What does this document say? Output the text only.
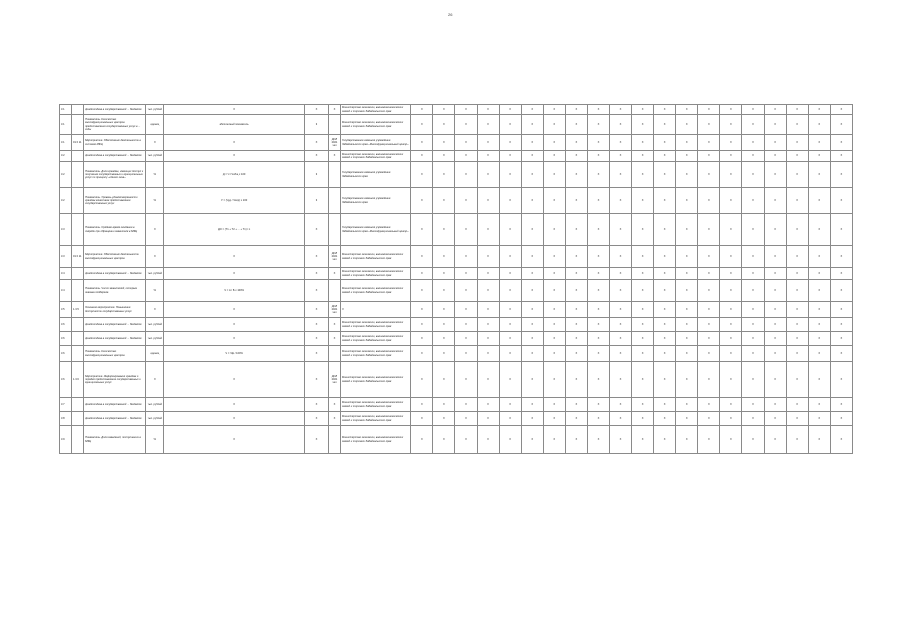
26
3.1		фондоотдача в государственной ... бюджете	тыс. рублей	X	X	X	Министерство экономики, внешнеэкономических связей и торговли Забайкальского края	X	X	X	X	X	X	X	X	X	X	X	X	X	X	X	X	X	X	X	X
3.1		Показатель. Количество многофункциональных центров предоставления государственных услуг в ... годы	единиц	абсолютный показатель	3		Министерство экономики, внешнеэкономических связей и торговли Забайкальского края	X	X	X	X	X	X	X	X	X	X	X	X	X	X	X	X	X	X	X	X
3.1	01 0 11	Мероприятие. Обеспечение деятельности в системе МФЦ	X	X	X	ДОЛ 2021 чел	Государственное казенное учреждение Забайкальского края «Многофункциональный центр»	X	X	X	X	X	X	X	X	X	X	X	X	X	X	X	X	X	X	X	X
3.2		фондоотдача в государственной ... бюджете	тыс. рублей	X	X	X	Министерство экономики, внешнеэкономических связей и торговли Забайкальского края	X	X	X	X	X	X	X	X	X	X	X	X	X	X	X	X	X	X	X	X
3.2		Показатель. Доля граждан, имеющих доступ к получению государственных и муниципальных услуг по принципу «одного окна»	%	Д = Ч / Чобщ х 100	3		Государственное казенное учреждение Забайкальского края	X	X	X	X	X	X	X	X	X	X	X	X	X	X	X	X	X	X	X	X
3.2		Показатель. Уровень удовлетворенности граждан качеством предоставления государственных услуг	%	У = (Чуд / Чопр) х 100	3		Государственное казенное учреждение Забайкальского края	X	X	X	X	X	X	X	X	X	X	X	X	X	X	X	X	X	X	X	X
3.3		Показатель. Среднее время ожидания в очереди при обращении заявителя в МФЦ	X	ДО = (Т1 + Т2 + ... + Тn) / n	X		Государственное казенное учреждение Забайкальского края «Многофункциональный центр»	X	X	X	X	X	X	X	X	X	X	X	X	X	X	X	X	X	X	X	X
3.3	01 0 11	Мероприятие. Обеспечение деятельности многофункциональных центров	X	X	X	ДОЛ 2021 чел	Министерство экономики, внешнеэкономических связей и торговли Забайкальского края	X	X	X	X	X	X	X	X	X	X	X	X	X	X	X	X	X	X	X	X
3.4		фондоотдача в государственной ... бюджете	тыс. рублей	X	X	X	Министерство экономики, внешнеэкономических связей и торговли Забайкальского края	X	X	X	X	X	X	X	X	X	X	X	X	X	X	X	X	X	X	X	X
3.4		Показатель. Число заявителей, которым оказана поддержка	%	Ч = А / Б х 100%	X		Министерство экономики, внешнеэкономических связей и торговли Забайкальского края	X	X	X	X	X	X	X	X	X	X	X	X	X	X	X	X	X	X	X	X
3.5	1.3.5	Основное мероприятие. Повышение доступности государственных услуг	X	X	X	ДОЛ 2021 чел	X	X	X	X	X	X	X	X	X	X	X	X	X	X	X	X	X	X	X	X	X
3.6		фондоотдача в государственной ... бюджете	тыс. рублей	X	X	X	Министерство экономики, внешнеэкономических связей и торговли Забайкальского края	X	X	X	X	X	X	X	X	X	X	X	X	X	X	X	X	X	X	X	X
3.6		фондоотдача в государственной ... бюджете	тыс. рублей	X	X	X	Министерство экономики, внешнеэкономических связей и торговли Забайкальского края	X	X	X	X	X	X	X	X	X	X	X	X	X	X	X	X	X	X	X	X
3.6		Показатель. Количество многофункциональных центров	единиц	Ч = Чф / 100%	X		Министерство экономики, внешнеэкономических связей и торговли Забайкальского края	X	X	X	X	X	X	X	X	X	X	X	X	X	X	X	X	X	X	X	X
3.6	1.3.6	Мероприятие. Информирование граждан о порядке предоставления государственных и муниципальных услуг	X	X	X	ДОЛ 2021 чел	Министерство экономики, внешнеэкономических связей и торговли Забайкальского края	X	X	X	X	X	X	X	X	X	X	X	X	X	X	X	X	X	X	X	X
3.7		фондоотдача в государственной ... бюджете	тыс. рублей	X	X	X	Министерство экономики, внешнеэкономических связей и торговли Забайкальского края	X	X	X	X	X	X	X	X	X	X	X	X	X	X	X	X	X	X	X	X
3.8		фондоотдача в государственной ... бюджете	тыс. рублей	X	X	X	Министерство экономики, внешнеэкономических связей и торговли Забайкальского края	X	X	X	X	X	X	X	X	X	X	X	X	X	X	X	X	X	X	X	X
3.9		Показатель. Доля заявлений, поступивших в МФЦ	%	X	X		Министерство экономики, внешнеэкономических связей и торговли Забайкальского края	X	X	X	X	X	X	X	X	X	X	X	X	X	X	X	X	X	X	X	X
